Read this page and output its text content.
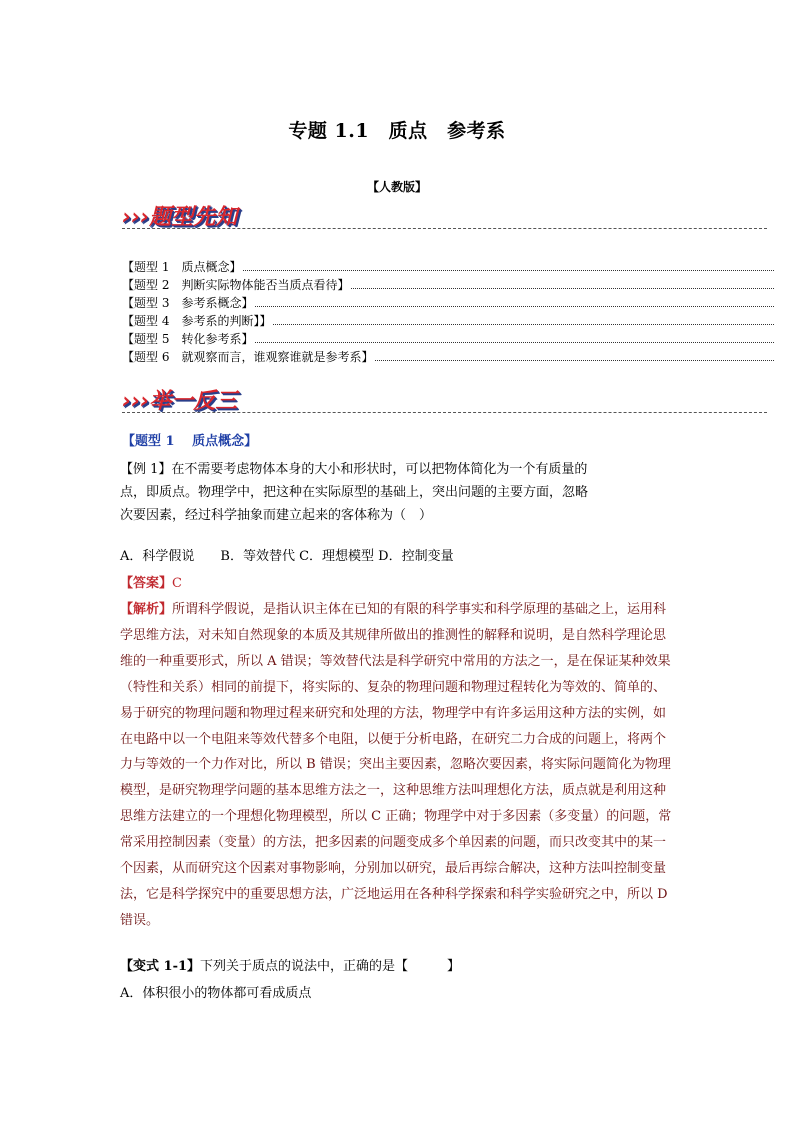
专题 1.1　质点　参考系
【人教版】
›››题型先知
【题型 1　质点概念】
【题型 2　判断实际物体能否当质点看待】
【题型 3　参考系概念】
【题型 4　参考系的判断】】
【题型 5　转化参考系】
【题型 6　就观察而言，谁观察谁就是参考系】
›››举一反三
【题型 1　 质点概念】
【例 1】在不需要考虑物体本身的大小和形状时，可以把物体简化为一个有质量的点，即质点。物理学中，把这种在实际原型的基础上，突出问题的主要方面，忽略次要因素，经过科学抽象而建立起来的客体称为（　）
A．科学假说　　B．等效替代 C．理想模型 D．控制变量
【答案】C
【解析】所谓科学假说，是指认识主体在已知的有限的科学事实和科学原理的基础之上，运用科学思维方法，对未知自然现象的本质及其规律所做出的推测性的解释和说明，是自然科学理论思维的一种重要形式，所以 A 错误；等效替代法是科学研究中常用的方法之一，是在保证某种效果（特性和关系）相同的前提下，将实际的、复杂的物理问题和物理过程转化为等效的、简单的、易于研究的物理问题和物理过程来研究和处理的方法，物理学中有许多运用这种方法的实例，如在电路中以一个电阻来等效代替多个电阻，以便于分析电路，在研究二力合成的问题上，将两个力与等效的一个力作对比，所以 B 错误；突出主要因素，忽略次要因素，将实际问题简化为物理模型，是研究物理学问题的基本思维方法之一，这种思维方法叫理想化方法，质点就是利用这种思维方法建立的一个理想化物理模型，所以 C 正确；物理学中对于多因素（多变量）的问题，常常采用控制因素（变量）的方法，把多因素的问题变成多个单因素的问题，而只改变其中的某一个因素，从而研究这个因素对事物影响，分别加以研究，最后再综合解决，这种方法叫控制变量法，它是科学探究中的重要思想方法，广泛地运用在各种科学探索和科学实验研究之中，所以 D 错误。
【变式 1-1】下列关于质点的说法中，正确的是【　　　】
A．体积很小的物体都可看成质点
